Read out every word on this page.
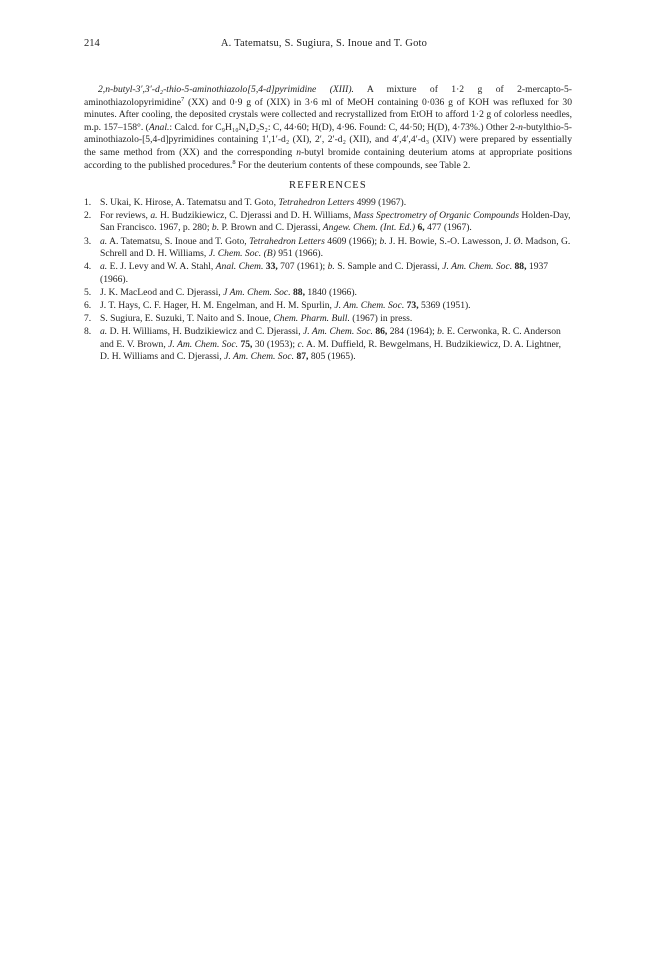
214	A. Tatematsu, S. Sugiura, S. Inoue and T. Goto

2,n-butyl-3′,3′-d₂-thio-5-aminothiazolo[5,4-d]pyrimidine (XIII). A mixture of 1·2 g of 2-mercapto-5-aminothiazolopyrimidine$^7$ (XX) and 0·9 g of (XIX) in 3·6 ml of MeOH containing 0·036 g of KOH was refluxed for 30 minutes. After cooling, the deposited crystals were collected and recrystallized from EtOH to afford 1·2 g of colorless needles, m.p. 157–158°. (Anal.: Calcd. for C₉H₁₀N₄D₂S₂: C, 44·60; H(D), 4·96. Found: C, 44·50; H(D), 4·73%.) Other 2-n-butylthio-5-aminothiazolo-[5,4-d]pyrimidines containing 1′,1′-d₂ (XI), 2′, 2′-d₂ (XII), and 4′,4′,4′-d₃ (XIV) were prepared by essentially the same method from (XX) and the corresponding n-butyl bromide containing deuterium atoms at appropriate positions according to the published procedures.$^8$ For the deuterium contents of these compounds, see Table 2.

REFERENCES
1. S. Ukai, K. Hirose, A. Tatematsu and T. Goto, Tetrahedron Letters 4999 (1967).
2. For reviews, a. H. Budzikiewicz, C. Djerassi and D. H. Williams, Mass Spectrometry of Organic Compounds Holden-Day, San Francisco. 1967, p. 280; b. P. Brown and C. Djerassi, Angew. Chem. (Int. Ed.) 6, 477 (1967).
3. a. A. Tatematsu, S. Inoue and T. Goto, Tetrahedron Letters 4609 (1966); b. J. H. Bowie, S.-O. Lawesson, J. Ø. Madson, G. Schrell and D. H. Williams, J. Chem. Soc. (B) 951 (1966).
4. a. E. J. Levy and W. A. Stahl, Anal. Chem. 33, 707 (1961); b. S. Sample and C. Djerassi, J. Am. Chem. Soc. 88, 1937 (1966).
5. J. K. MacLeod and C. Djerassi, J Am. Chem. Soc. 88, 1840 (1966).
6. J. T. Hays, C. F. Hager, H. M. Engelman, and H. M. Spurlin, J. Am. Chem. Soc. 73, 5369 (1951).
7. S. Sugiura, E. Suzuki, T. Naito and S. Inoue, Chem. Pharm. Bull. (1967) in press.
8. a. D. H. Williams, H. Budzikiewicz and C. Djerassi, J. Am. Chem. Soc. 86, 284 (1964); b. E. Cerwonka, R. C. Anderson and E. V. Brown, J. Am. Chem. Soc. 75, 30 (1953); c. A. M. Duffield, R. Bewgelmans, H. Budzikiewicz, D. A. Lightner, D. H. Williams and C. Djerassi, J. Am. Chem. Soc. 87, 805 (1965).
